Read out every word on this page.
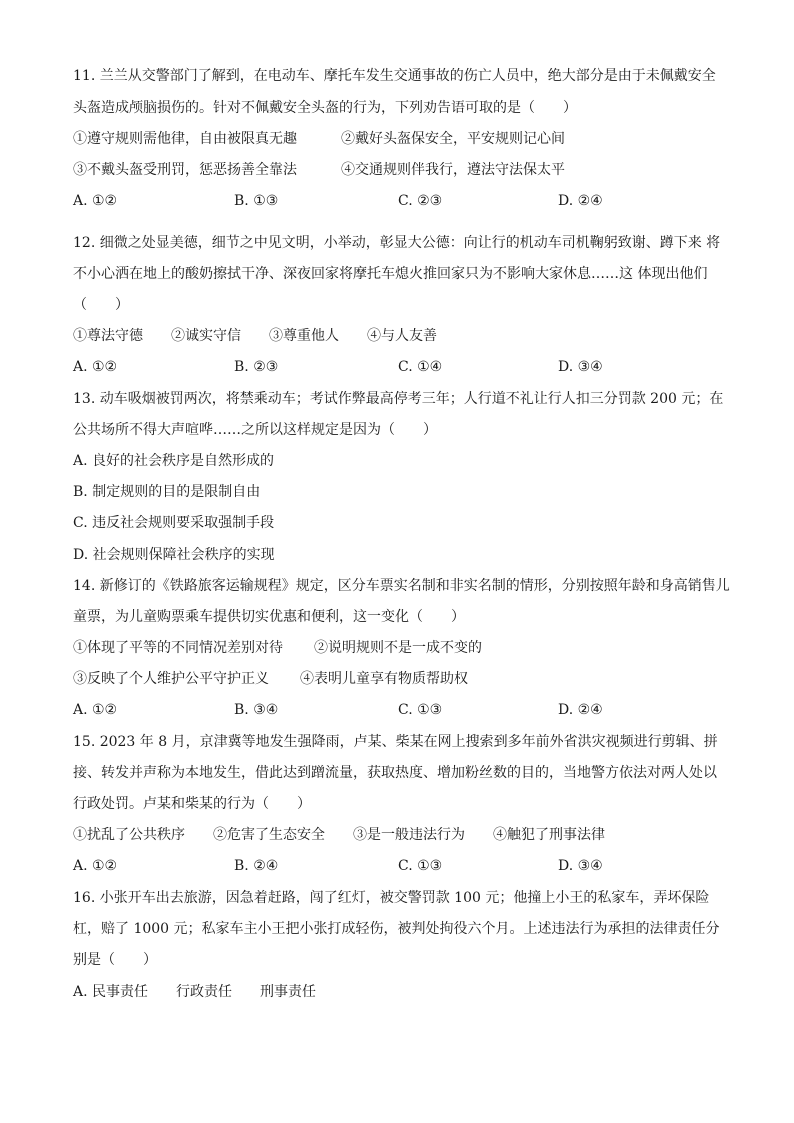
11. 兰兰从交警部门了解到，在电动车、摩托车发生交通事故的伤亡人员中，绝大部分是由于未佩戴安全
头盔造成颅脑损伤的。针对不佩戴安全头盔的行为，下列劝告语可取的是（　　）
①遵守规则需他律，自由被限真无趣	②戴好头盔保安全，平安规则记心间
③不戴头盔受刑罚，惩恶扬善全靠法	④交通规则伴我行，遵法守法保太平
A. ①②	B. ①③	C. ②③	D. ②④
12. 细微之处显美德，细节之中见文明，小举动，彰显大公德：向让行的机动车司机鞠躬致谢、蹲下来 将
不小心洒在地上的酸奶擦拭干净、深夜回家将摩托车熄火推回家只为不影响大家休息……这 体现出他们
（　　）
①尊法守德　　②诚实守信　　③尊重他人　　④与人友善
A. ①②	B. ②③	C. ①④	D. ③④
13. 动车吸烟被罚两次，将禁乘动车；考试作弊最高停考三年；人行道不礼让行人扣三分罚款 200 元；在
公共场所不得大声喧哗……之所以这样规定是因为（　　）
A. 良好的社会秩序是自然形成的
B. 制定规则的目的是限制自由
C. 违反社会规则要采取强制手段
D. 社会规则保障社会秩序的实现
14. 新修订的《铁路旅客运输规程》规定，区分车票实名制和非实名制的情形，分别按照年龄和身高销售儿
童票，为儿童购票乘车提供切实优惠和便利，这一变化（　　）
①体现了平等的不同情况差别对待 ②说明规则不是一成不变的
③反映了个人维护公平守护正义 ④表明儿童享有物质帮助权
A. ①②	B. ③④	C. ①③	D. ②④
15. 2023 年 8 月，京津冀等地发生强降雨，卢某、柴某在网上搜索到多年前外省洪灾视频进行剪辑、拼
接、转发并声称为本地发生，借此达到蹭流量，获取热度、增加粉丝数的目的，当地警方依法对两人处以
行政处罚。卢某和柴某的行为（　　）
①扰乱了公共秩序　　②危害了生态安全　　③是一般违法行为　　④触犯了刑事法律
A. ①②	B. ②④	C. ①③	D. ③④
16. 小张开车出去旅游，因急着赶路，闯了红灯，被交警罚款 100 元；他撞上小王的私家车，弄坏保险
杠，赔了 1000 元；私家车主小王把小张打成轻伤，被判处拘役六个月。上述违法行为承担的法律责任分
别是（　　）
A. 民事责任　　行政责任　　刑事责任
